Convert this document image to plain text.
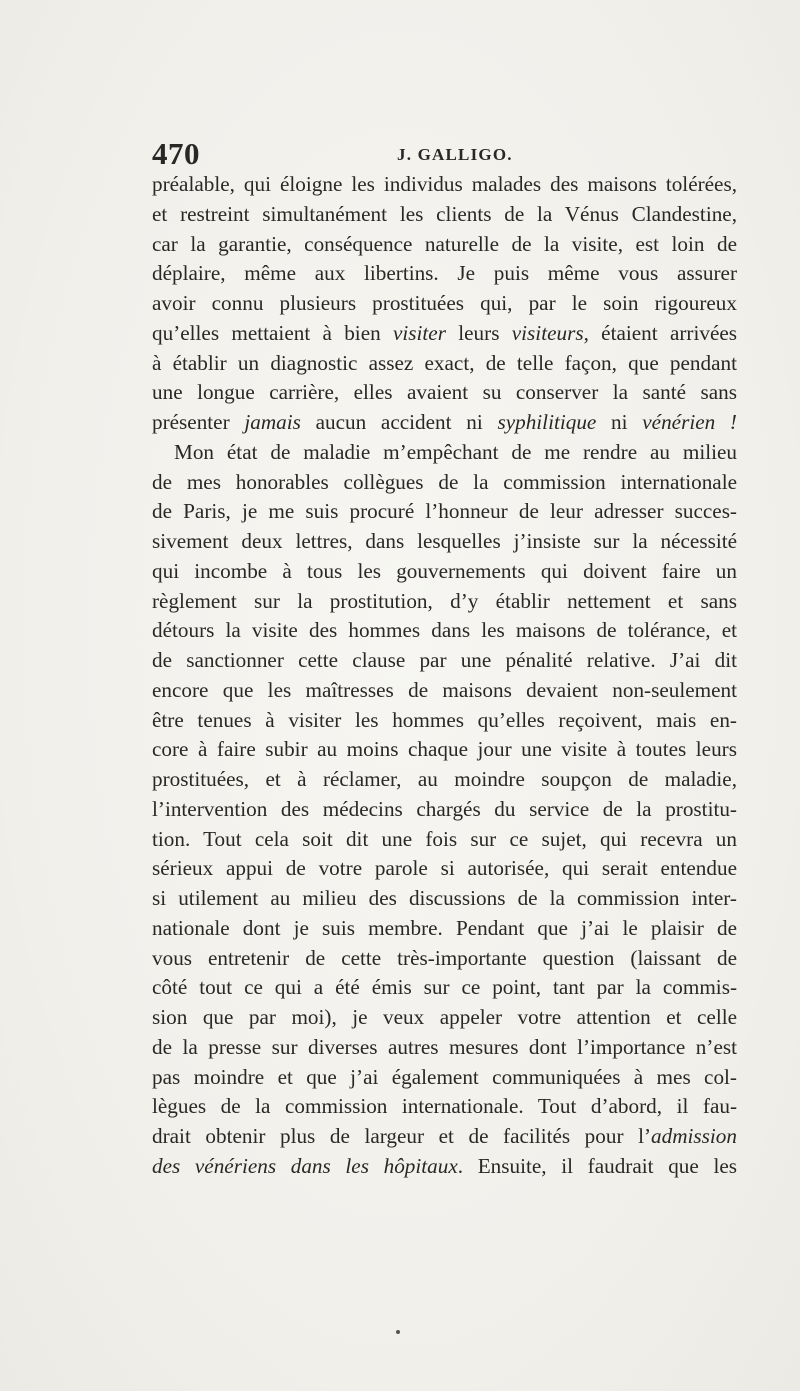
470	J. GALLIGO.
préalable, qui éloigne les individus malades des maisons tolérées,
et restreint simultanément les clients de la Vénus Clandestine,
car la garantie, conséquence naturelle de la visite, est loin de
déplaire, même aux libertins. Je puis même vous assurer
avoir connu plusieurs prostituées qui, par le soin rigoureux
qu’elles mettaient à bien visiter leurs visiteurs, étaient arrivées
à établir un diagnostic assez exact, de telle façon, que pendant
une longue carrière, elles avaient su conserver la santé sans
présenter jamais aucun accident ni syphilitique ni vénérien !
Mon état de maladie m’empêchant de me rendre au milieu
de mes honorables collègues de la commission internationale
de Paris, je me suis procuré l’honneur de leur adresser succes-
sivement deux lettres, dans lesquelles j’insiste sur la nécessité
qui incombe à tous les gouvernements qui doivent faire un
règlement sur la prostitution, d’y établir nettement et sans
détours la visite des hommes dans les maisons de tolérance, et
de sanctionner cette clause par une pénalité relative. J’ai dit
encore que les maîtresses de maisons devaient non-seulement
être tenues à visiter les hommes qu’elles reçoivent, mais en-
core à faire subir au moins chaque jour une visite à toutes leurs
prostituées, et à réclamer, au moindre soupçon de maladie,
l’intervention des médecins chargés du service de la prostitu-
tion. Tout cela soit dit une fois sur ce sujet, qui recevra un
sérieux appui de votre parole si autorisée, qui serait entendue
si utilement au milieu des discussions de la commission inter-
nationale dont je suis membre. Pendant que j’ai le plaisir de
vous entretenir de cette très-importante question (laissant de
côté tout ce qui a été émis sur ce point, tant par la commis-
sion que par moi), je veux appeler votre attention et celle
de la presse sur diverses autres mesures dont l’importance n’est
pas moindre et que j’ai également communiquées à mes col-
lègues de la commission internationale. Tout d’abord, il fau-
drait obtenir plus de largeur et de facilités pour l’admission
des vénériens dans les hôpitaux. Ensuite, il faudrait que les
